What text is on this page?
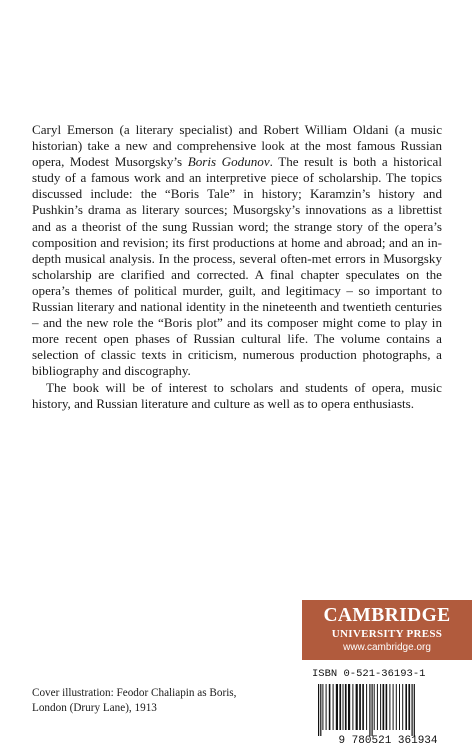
Caryl Emerson (a literary specialist) and Robert William Oldani (a music historian) take a new and comprehensive look at the most famous Russian opera, Modest Musorgsky’s Boris Godunov. The result is both a historical study of a famous work and an interpretive piece of scholarship. The topics discussed include: the “Boris Tale” in history; Karamzin’s history and Pushkin’s drama as literary sources; Musorgsky’s innovations as a librettist and as a theorist of the sung Russian word; the strange story of the opera’s composition and revision; its first productions at home and abroad; and an in-depth musical analysis. In the process, several often-met errors in Musorgsky scholarship are clarified and corrected. A final chapter speculates on the opera’s themes of political murder, guilt, and legitimacy – so important to Russian literary and national identity in the nineteenth and twentieth centuries – and the new role the “Boris plot” and its composer might come to play in more recent open phases of Russian cultural life. The volume contains a selection of classic texts in criticism, numerous production photographs, a bibliography and discography.

The book will be of interest to scholars and students of opera, music history, and Russian literature and culture as well as to opera enthusiasts.

CAMBRIDGE
UNIVERSITY PRESS
www.cambridge.org
ISBN 0-521-36193-1
9 780521 361934
Cover illustration: Feodor Chaliapin as Boris,
London (Drury Lane), 1913
